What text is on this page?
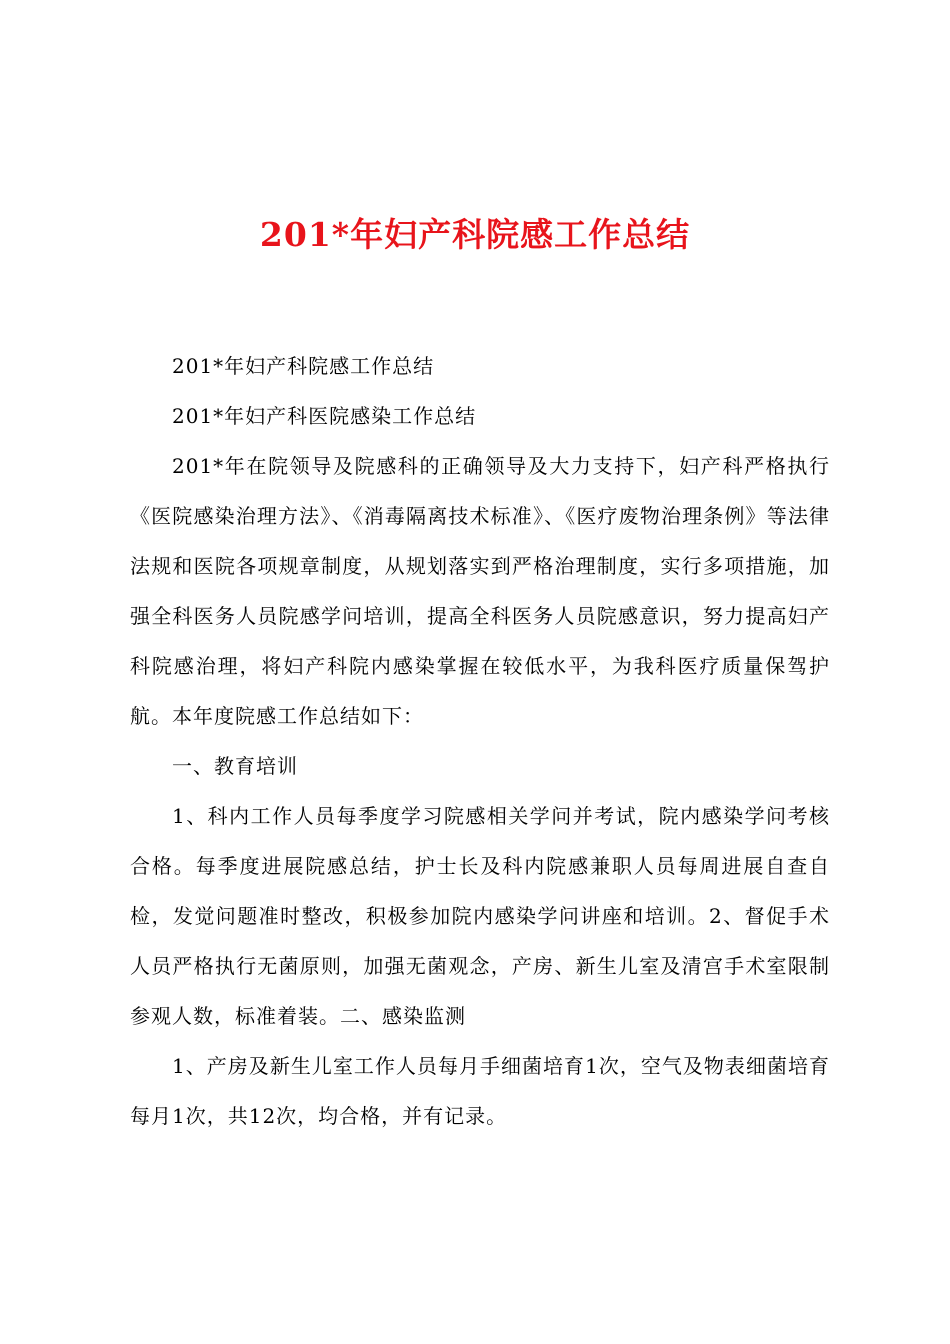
201*年妇产科院感工作总结

201*年妇产科院感工作总结

201*年妇产科医院感染工作总结

201*年在院领导及院感科的正确领导及大力支持下，妇产科严格执行《医院感染治理方法》、《消毒隔离技术标准》、《医疗废物治理条例》等法律法规和医院各项规章制度，从规划落实到严格治理制度，实行多项措施，加强全科医务人员院感学问培训，提高全科医务人员院感意识，努力提高妇产科院感治理，将妇产科院内感染掌握在较低水平，为我科医疗质量保驾护航。本年度院感工作总结如下：

一、教育培训

1、科内工作人员每季度学习院感相关学问并考试，院内感染学问考核合格。每季度进展院感总结，护士长及科内院感兼职人员每周进展自查自检，发觉问题准时整改，积极参加院内感染学问讲座和培训。2、督促手术人员严格执行无菌原则，加强无菌观念，产房、新生儿室及清宫手术室限制参观人数，标准着装。二、感染监测

1、产房及新生儿室工作人员每月手细菌培育1次，空气及物表细菌培育每月1次，共12次，均合格，并有记录。
